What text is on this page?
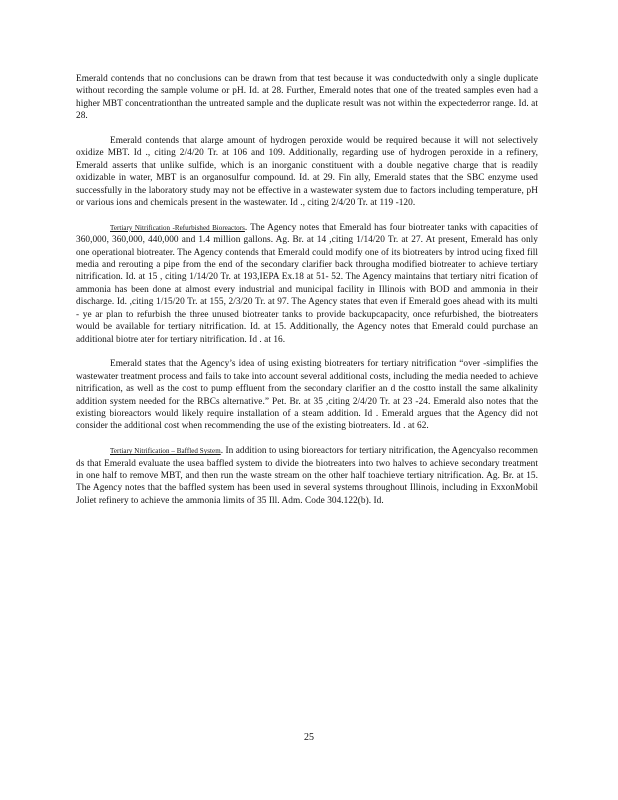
Emerald contends that no conclusions can be drawn from that test because it was conductedwith only a single duplicate without recording the sample volume or pH. Id. at 28. Further, Emerald notes that one of the treated samples even had a higher MBT concentrationthan the untreated sample and the duplicate result was not within the expectederror range. Id. at 28.

Emerald contends that alarge amount of hydrogen peroxide would be required because it will not selectively oxidize MBT. Id ., citing 2/4/20 Tr. at 106 and 109. Additionally, regarding use of hydrogen peroxide in a refinery, Emerald asserts that unlike sulfide, which is an inorganic constituent with a double negative charge that is readily oxidizable in water, MBT is an organosulfur compound. Id. at 29. Fin ally, Emerald states that the SBC enzyme used successfully in the laboratory study may not be effective in a wastewater system due to factors including temperature, pH or various ions and chemicals present in the wastewater. Id ., citing 2/4/20 Tr. at 119 -120.

Tertiary Nitrification -Refurbished Bioreactors. The Agency notes that Emerald has four biotreater tanks with capacities of 360,000, 360,000, 440,000 and 1.4 million gallons. Ag. Br. at 14 ,citing 1/14/20 Tr. at 27. At present, Emerald has only one operational biotreater. The Agency contends that Emerald could modify one of its biotreaters by introd ucing fixed fill media and rerouting a pipe from the end of the secondary clarifier back througha modified biotreater to achieve tertiary nitrification. Id. at 15 , citing 1/14/20 Tr. at 193,IEPA Ex.18 at 51- 52. The Agency maintains that tertiary nitri fication of ammonia has been done at almost every industrial and municipal facility in Illinois with BOD and ammonia in their discharge. Id. ,citing 1/15/20 Tr. at 155, 2/3/20 Tr. at 97. The Agency states that even if Emerald goes ahead with its multi - ye ar plan to refurbish the three unused biotreater tanks to provide backupcapacity, once refurbished, the biotreaters would be available for tertiary nitrification. Id. at 15. Additionally, the Agency notes that Emerald could purchase an additional biotre ater for tertiary nitrification. Id . at 16.

Emerald states that the Agency’s idea of using existing biotreaters for tertiary nitrification “over -simplifies the wastewater treatment process and fails to take into account several additional costs, including the media needed to achieve nitrification, as well as the cost to pump effluent from the secondary clarifier an d the costto install the same alkalinity addition system needed for the RBCs alternative.” Pet. Br. at 35 ,citing 2/4/20 Tr. at 23 -24. Emerald also notes that the existing bioreactors would likely require installation of a steam addition. Id . Emerald argues that the Agency did not consider the additional cost when recommending the use of the existing biotreaters. Id . at 62.

Tertiary Nitrification – Baffled System. In addition to using bioreactors for tertiary nitrification, the Agencyalso recommen ds that Emerald evaluate the usea baffled system to divide the biotreaters into two halves to achieve secondary treatment in one half to remove MBT, and then run the waste stream on the other half toachieve tertiary nitrification. Ag. Br. at 15. The Agency notes that the baffled system has been used in several systems throughout Illinois, including in ExxonMobil Joliet refinery to achieve the ammonia limits of 35 Ill. Adm. Code 304.122(b). Id.

25
